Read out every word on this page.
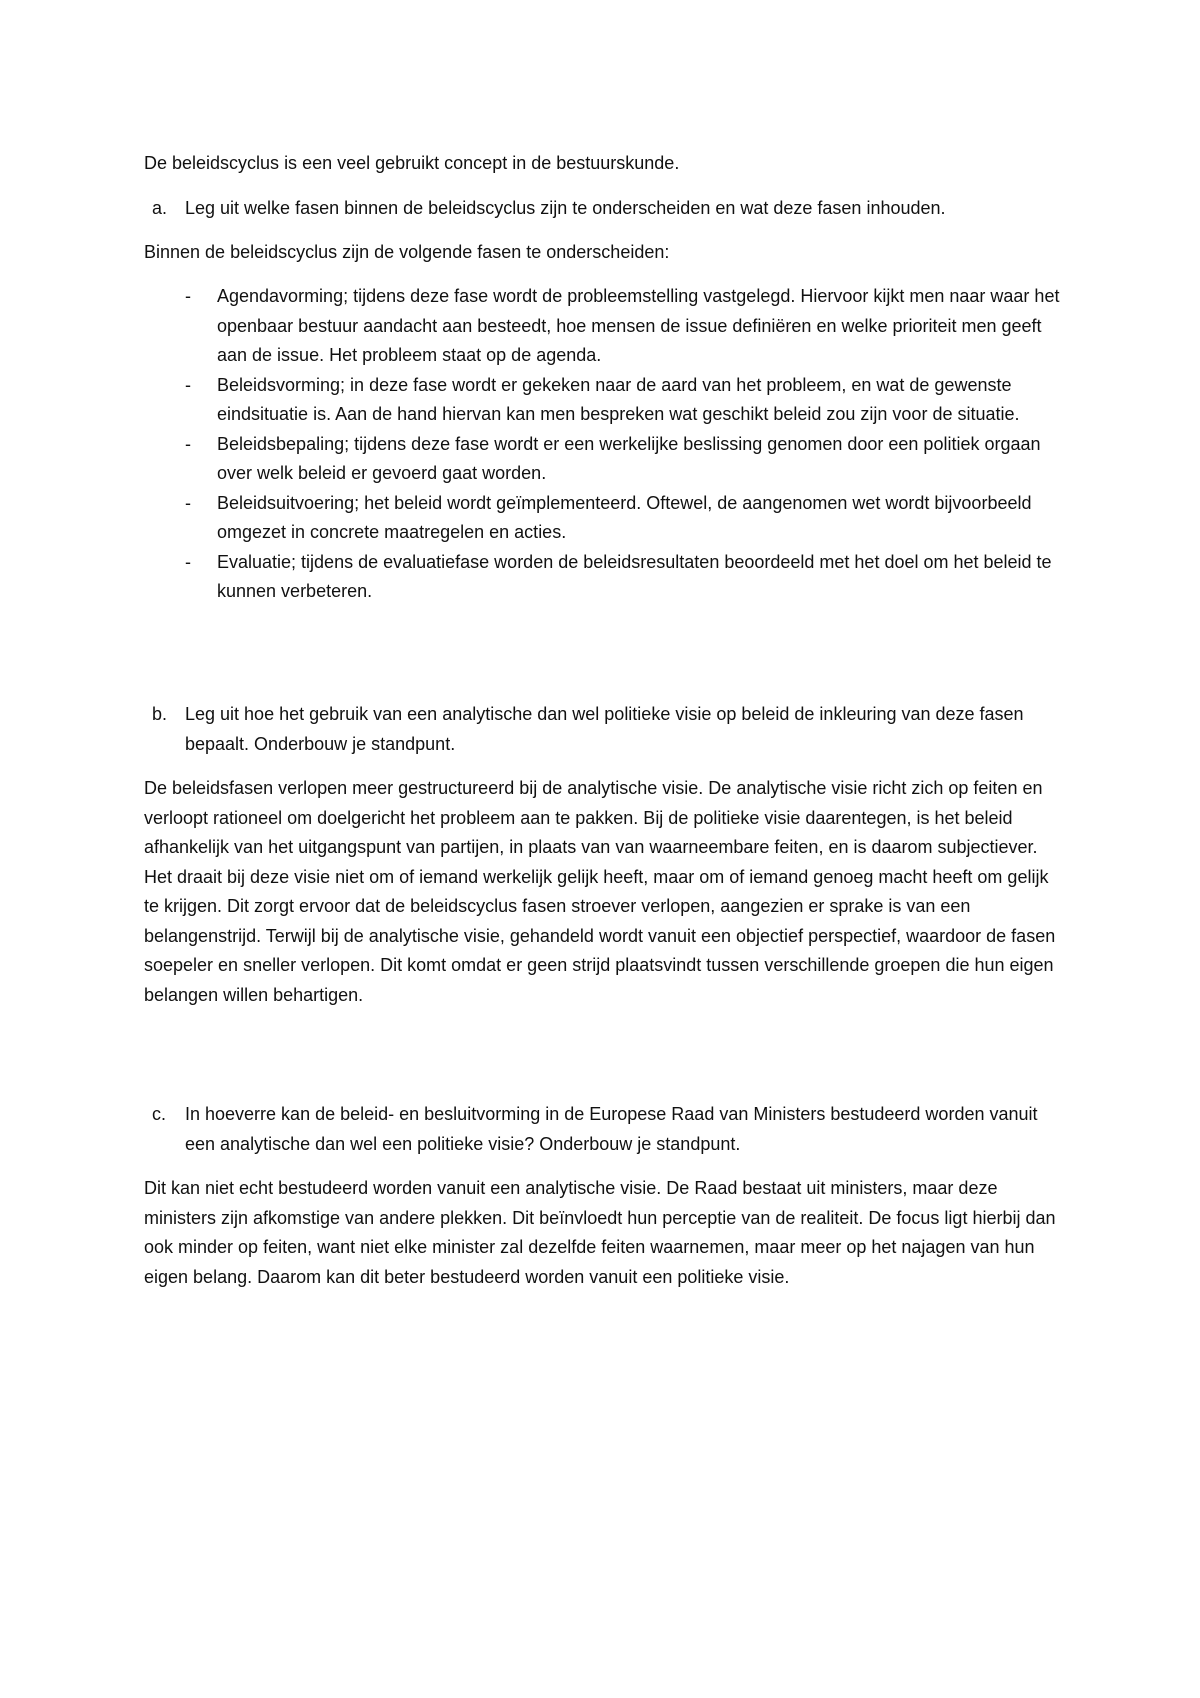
De beleidscyclus is een veel gebruikt concept in de bestuurskunde.

a. Leg uit welke fasen binnen de beleidscyclus zijn te onderscheiden en wat deze fasen inhouden.

Binnen de beleidscyclus zijn de volgende fasen te onderscheiden:

- Agendavorming; tijdens deze fase wordt de probleemstelling vastgelegd. Hiervoor kijkt men naar waar het openbaar bestuur aandacht aan besteedt, hoe mensen de issue definiëren en welke prioriteit men geeft aan de issue. Het probleem staat op de agenda.
- Beleidsvorming; in deze fase wordt er gekeken naar de aard van het probleem, en wat de gewenste eindsituatie is. Aan de hand hiervan kan men bespreken wat geschikt beleid zou zijn voor de situatie.
- Beleidsbepaling; tijdens deze fase wordt er een werkelijke beslissing genomen door een politiek orgaan over welk beleid er gevoerd gaat worden.
- Beleidsuitvoering; het beleid wordt geïmplementeerd. Oftewel, de aangenomen wet wordt bijvoorbeeld omgezet in concrete maatregelen en acties.
- Evaluatie; tijdens de evaluatiefase worden de beleidsresultaten beoordeeld met het doel om het beleid te kunnen verbeteren.
b. Leg uit hoe het gebruik van een analytische dan wel politieke visie op beleid de inkleuring van deze fasen bepaalt. Onderbouw je standpunt.

De beleidsfasen verlopen meer gestructureerd bij de analytische visie. De analytische visie richt zich op feiten en verloopt rationeel om doelgericht het probleem aan te pakken. Bij de politieke visie daarentegen, is het beleid afhankelijk van het uitgangspunt van partijen, in plaats van van waarneembare feiten, en is daarom subjectiever. Het draait bij deze visie niet om of iemand werkelijk gelijk heeft, maar om of iemand genoeg macht heeft om gelijk te krijgen. Dit zorgt ervoor dat de beleidscyclus fasen stroever verlopen, aangezien er sprake is van een belangenstrijd. Terwijl bij de analytische visie, gehandeld wordt vanuit een objectief perspectief, waardoor de fasen soepeler en sneller verlopen. Dit komt omdat er geen strijd plaatsvindt tussen verschillende groepen die hun eigen belangen willen behartigen.

c. In hoeverre kan de beleid- en besluitvorming in de Europese Raad van Ministers bestudeerd worden vanuit een analytische dan wel een politieke visie? Onderbouw je standpunt.

Dit kan niet echt bestudeerd worden vanuit een analytische visie. De Raad bestaat uit ministers, maar deze ministers zijn afkomstige van andere plekken. Dit beïnvloedt hun perceptie van de realiteit. De focus ligt hierbij dan ook minder op feiten, want niet elke minister zal dezelfde feiten waarnemen, maar meer op het najagen van hun eigen belang. Daarom kan dit beter bestudeerd worden vanuit een politieke visie.
